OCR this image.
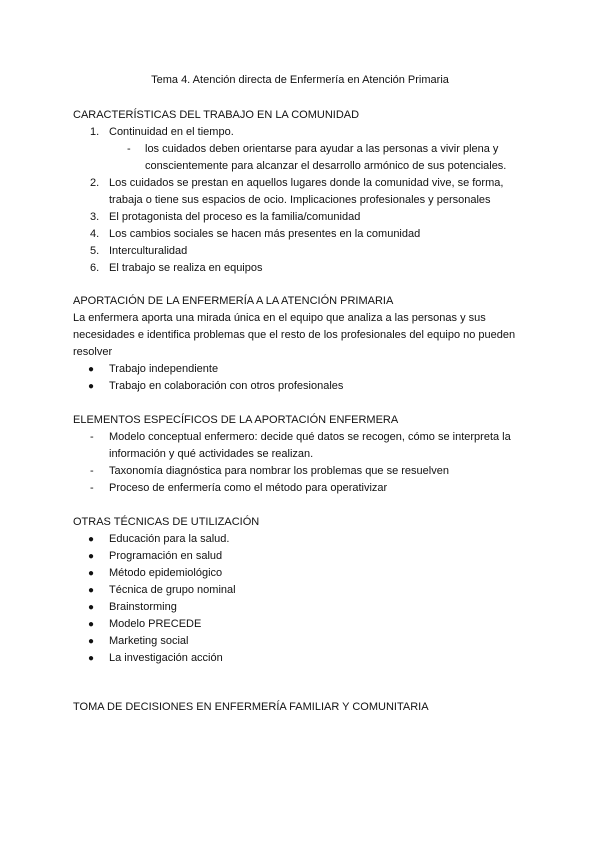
Tema 4. Atención directa de Enfermería en Atención Primaria
CARACTERÍSTICAS DEL TRABAJO EN LA COMUNIDAD
1. Continuidad en el tiempo.
- los cuidados deben orientarse para ayudar a las personas a vivir plena y conscientemente para alcanzar el desarrollo armónico de sus potenciales.
2. Los cuidados se prestan en aquellos lugares donde la comunidad vive, se forma, trabaja o tiene sus espacios de ocio. Implicaciones profesionales y personales
3. El protagonista del proceso es la familia/comunidad
4. Los cambios sociales se hacen más presentes en la comunidad
5. Interculturalidad
6. El trabajo se realiza en equipos
APORTACIÓN DE LA ENFERMERÍA A LA ATENCIÓN PRIMARIA
La enfermera aporta una mirada única en el equipo que analiza a las personas y sus necesidades e identifica problemas que el resto de los profesionales del equipo no pueden resolver
● Trabajo independiente
● Trabajo en colaboración con otros profesionales
ELEMENTOS ESPECÍFICOS DE LA APORTACIÓN ENFERMERA
- Modelo conceptual enfermero: decide qué datos se recogen, cómo se interpreta la información y qué actividades se realizan.
- Taxonomía diagnóstica para nombrar los problemas que se resuelven
- Proceso de enfermería como el método para operativizar
OTRAS TÉCNICAS DE UTILIZACIÓN
● Educación para la salud.
● Programación en salud
● Método epidemiológico
● Técnica de grupo nominal
● Brainstorming
● Modelo PRECEDE
● Marketing social
● La investigación acción
TOMA DE DECISIONES EN ENFERMERÍA FAMILIAR Y COMUNITARIA
